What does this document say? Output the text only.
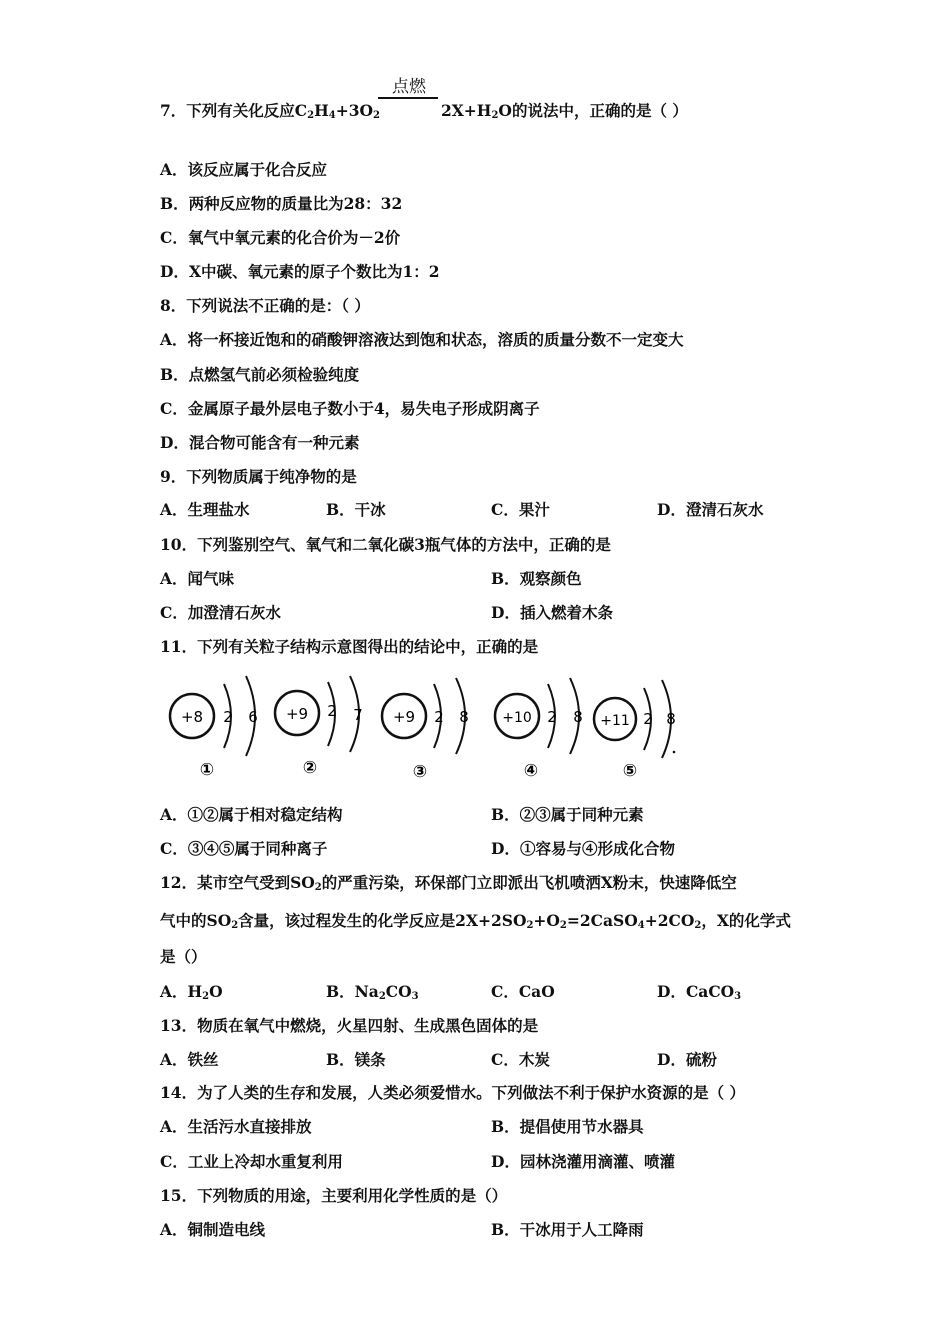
点燃
7．下列有关化反应$C_2H_4+3O_2$	$2X+H_2O$的说法中，正确的是（ ）
A．该反应属于化合反应
B．两种反应物的质量比为28：32
C．氧气中氧元素的化合价为－2价
D．X中碳、氧元素的原子个数比为1：2
8．下列说法不正确的是：（ ）
A．将一杯接近饱和的硝酸钾溶液达到饱和状态，溶质的质量分数不一定变大
B．点燃氢气前必须检验纯度
C．金属原子最外层电子数小于4，易失电子形成阴离子
D．混合物可能含有一种元素
9．下列物质属于纯净物的是
A．生理盐水	B．干冰	C．果汁	D．澄清石灰水
10．下列鉴别空气、氧气和二氧化碳3瓶气体的方法中，正确的是
A．闻气味	B．观察颜色
C．加澄清石灰水	D．插入燃着木条
11．下列有关粒子结构示意图得出的结论中，正确的是
+8 2 6
①
+9 2 7
②
+9 2 8
③
+10 2 8
④
+11 2 8
⑤
A．①②属于相对稳定结构	B．②③属于同种元素
C．③④⑤属于同种离子	D．①容易与④形成化合物
12．某市空气受到$SO_2$的严重污染，环保部门立即派出飞机喷洒X粉末，快速降低空
气中的$SO_2$含量，该过程发生的化学反应是$2X+2SO_2+O_2=2CaSO_4+2CO_2$，X的化学式
是（）
A．$H_2O$	B．$Na_2CO_3$	C．CaO	D．CaCO$_3$
13．物质在氧气中燃烧，火星四射、生成黑色固体的是
A．铁丝	B．镁条	C．木炭	D．硫粉
14．为了人类的生存和发展，人类必须爱惜水。下列做法不利于保护水资源的是（ ）
A．生活污水直接排放	B．提倡使用节水器具
C．工业上冷却水重复利用	D．园林浇灌用滴灌、喷灌
15．下列物质的用途，主要利用化学性质的是（）
A．铜制造电线	B．干冰用于人工降雨
